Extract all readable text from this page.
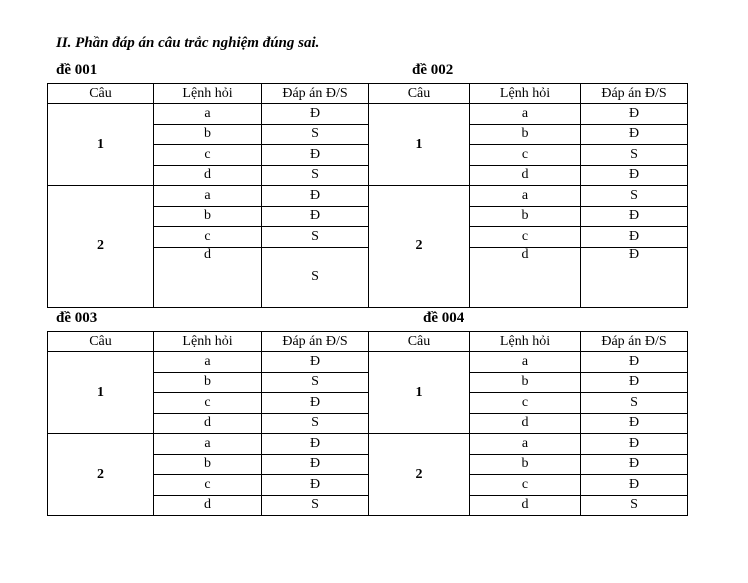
II. Phần đáp án câu trắc nghiệm đúng sai.
đề 001	đề 002
Câu	Lệnh hỏi	Đáp án Đ/S	Câu	Lệnh hỏi	Đáp án Đ/S
1	a	Đ	1	a	Đ
	b	S		b	Đ
	c	Đ		c	S
	d	S		d	Đ
2	a	Đ	2	a	S
	b	Đ		b	Đ
	c	S		c	Đ
	d	S		d	Đ
đề 003	đề 004
Câu	Lệnh hỏi	Đáp án Đ/S	Câu	Lệnh hỏi	Đáp án Đ/S
1	a	Đ	1	a	Đ
	b	S		b	Đ
	c	Đ		c	S
	d	S		d	Đ
2	a	Đ	2	a	Đ
	b	Đ		b	Đ
	c	Đ		c	Đ
	d	S		d	S
